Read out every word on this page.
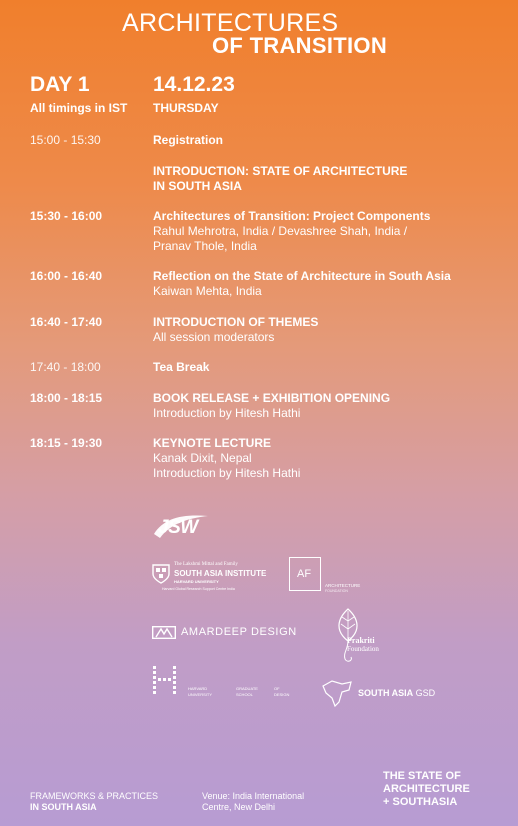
ARCHITECTURES
OF TRANSITION
DAY 1	14.12.23
All timings in IST THURSDAY
15:00 - 15:30	Registration
INTRODUCTION: STATE OF ARCHITECTURE
IN SOUTH ASIA
15:30 - 16:00	Architectures of Transition: Project Components
Rahul Mehrotra, India / Devashree Shah, India /
Pranav Thole, India
16:00 - 16:40	Reflection on the State of Architecture in South Asia
Kaiwan Mehta, India
16:40 - 17:40	INTRODUCTION OF THEMES
All session moderators
17:40 - 18:00	Tea Break
18:00 - 18:15	BOOK RELEASE + EXHIBITION OPENING
Introduction by Hitesh Hathi
18:15 - 19:30	KEYNOTE LECTURE
Kanak Dixit, Nepal
Introduction by Hitesh Hathi
JSW
The Lakshmi Mittal and Family
SOUTH ASIA INSTITUTE
HARVARD UNIVERSITY
Harvard Global Research Support Centre India
AF
ARCHITECTURE
FOUNDATION
AMARDEEP DESIGN
Prakriti
Foundation
HARVARD
UNIVERSITY
GRADUATE
SCHOOL
OF
DESIGN	SOUTH ASIA GSD
FRAMEWORKS & PRACTICES
IN SOUTH ASIA
Venue: India International
Centre, New Delhi
THE STATE OF
ARCHITECTURE
+ SOUTHASIA
